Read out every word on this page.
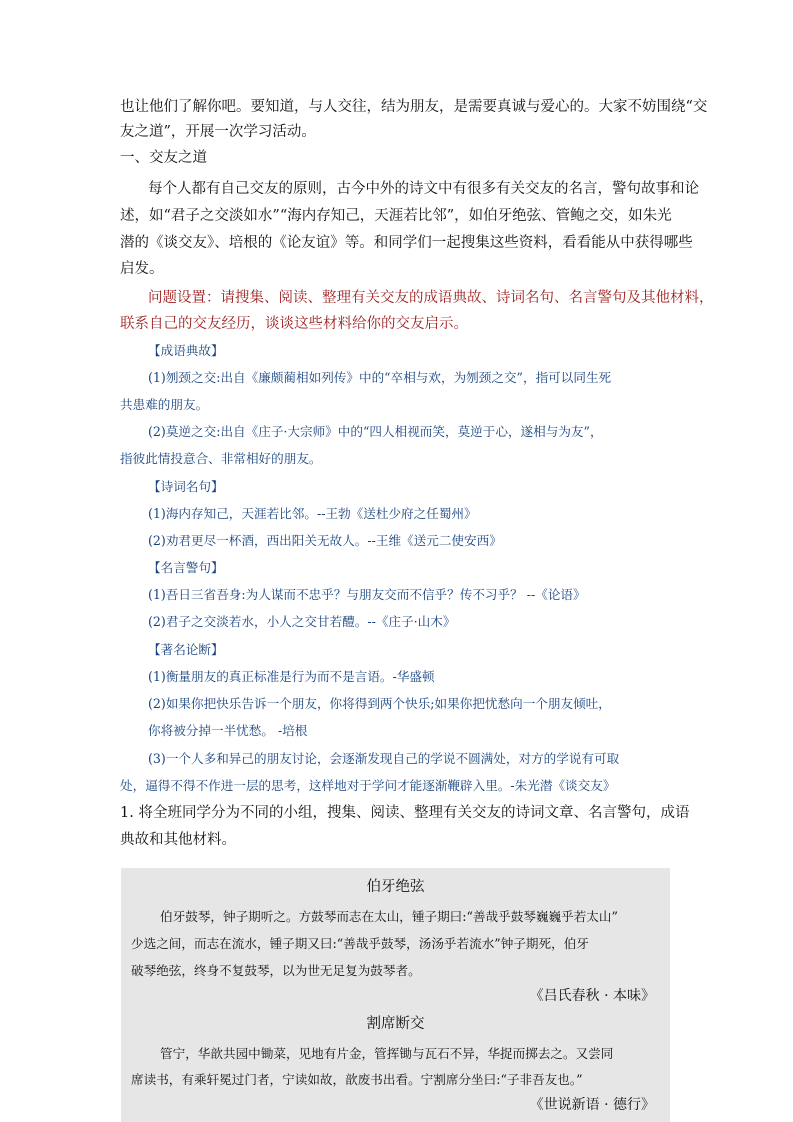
也让他们了解你吧。要知道，与人交往，结为朋友，是需要真诚与爱心的。大家不妨围绕“交

友之道”，开展一次学习活动。

一、交友之道

每个人都有自己交友的原则，古今中外的诗文中有很多有关交友的名言，警句故事和论

述，如“君子之交淡如水”“海内存知己，天涯若比邻”，如伯牙绝弦、管鲍之交，如朱光

潜的《谈交友》、培根的《论友谊》等。和同学们一起搜集这些资料，看看能从中获得哪些

启发。

问题设置：请搜集、阅读、整理有关交友的成语典故、诗词名句、名言警句及其他材料，

联系自己的交友经历，谈谈这些材料给你的交友启示。

【成语典故】

(1)刎颈之交:出自《廉颇蔺相如列传》中的“卒相与欢，为刎颈之交”，指可以同生死

共患难的朋友。

(2)莫逆之交:出自《庄子·大宗师》中的“四人相视而笑，莫逆于心，遂相与为友”，

指彼此情投意合、非常相好的朋友。

【诗词名句】

(1)海内存知己，天涯若比邻。--王勃《送杜少府之任蜀州》

(2)劝君更尽一杯酒，西出阳关无故人。--王维《送元二使安西》

【名言警句】

(1)吾日三省吾身:为人谋而不忠乎？与朋友交而不信乎？传不习乎？ --《论语》

(2)君子之交淡若水，小人之交甘若醴。--《庄子·山木》

【著名论断】

(1)衡量朋友的真正标准是行为而不是言语。-华盛顿

(2)如果你把快乐告诉一个朋友，你将得到两个快乐;如果你把忧愁向一个朋友倾吐，

你将被分掉一半忧愁。 -培根

(3)一个人多和异己的朋友讨论，会逐渐发现自己的学说不圆满处，对方的学说有可取

处，逼得不得不作进一层的思考，这样地对于学问才能逐渐鞭辟入里。-朱光潜《谈交友》

1. 将全班同学分为不同的小组，搜集、阅读、整理有关交友的诗词文章、名言警句，成语

典故和其他材料。

伯牙绝弦
伯牙鼓琴，钟子期听之。方鼓琴而志在太山，锺子期曰:“善哉乎鼓琴巍巍乎若太山”
少选之间，而志在流水，锺子期又曰:“善哉乎鼓琴，汤汤乎若流水”钟子期死，伯牙
破琴绝弦，终身不复鼓琴，以为世无足复为鼓琴者。
《吕氏春秋 · 本味》
割席断交
管宁，华歆共园中锄菜，见地有片金，管挥锄与瓦石不异，华捉而掷去之。又尝同
席读书，有乘轩冕过门者，宁读如故，歆废书出看。宁割席分坐曰:“子非吾友也。”
《世说新语 · 德行》
